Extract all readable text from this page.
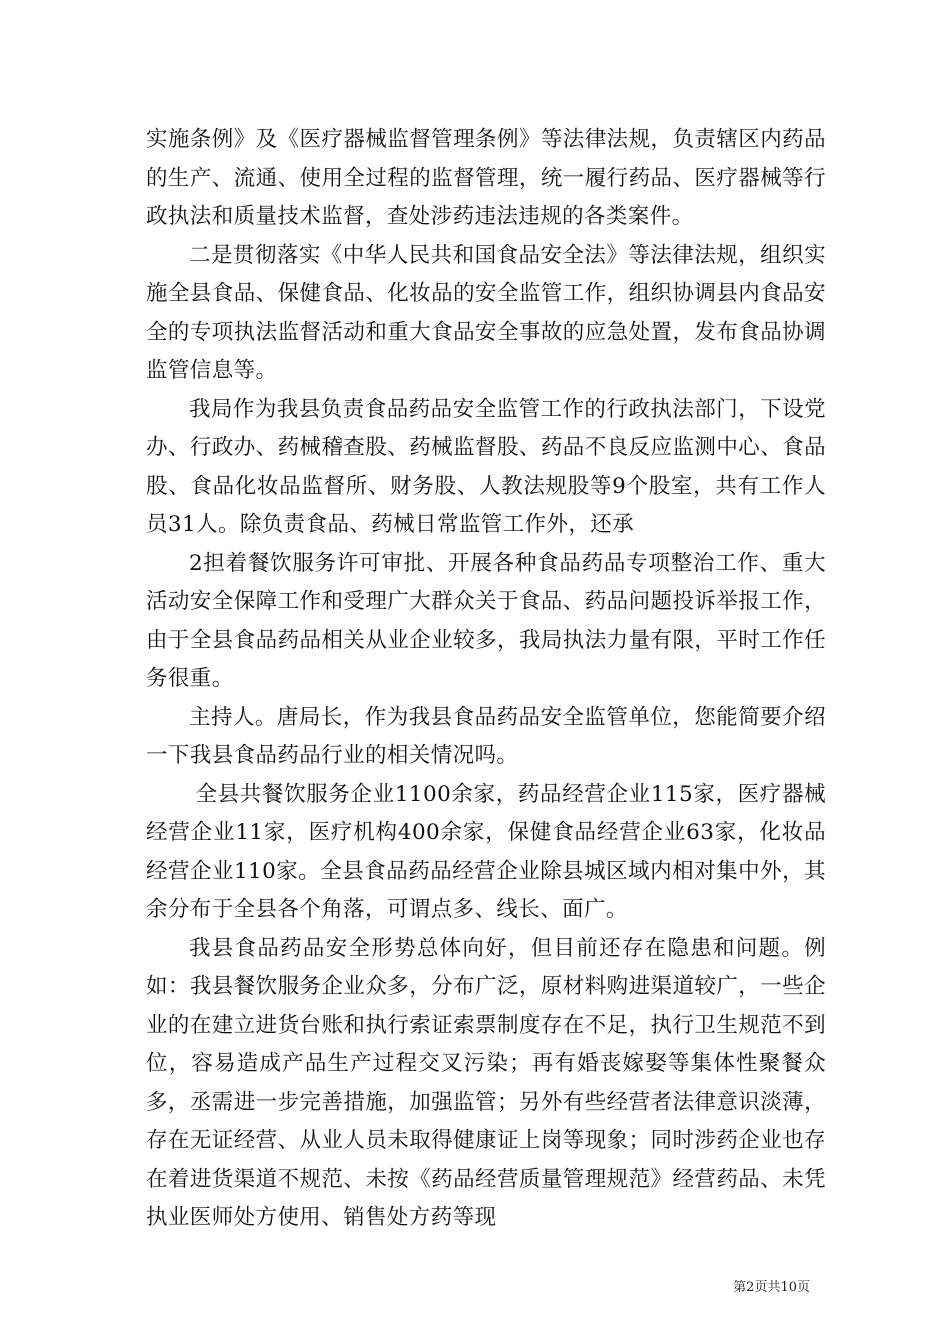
实施条例》及《医疗器械监督管理条例》等法律法规，负责辖区内药品的生产、流通、使用全过程的监督管理，统一履行药品、医疗器械等行政执法和质量技术监督，查处涉药违法违规的各类案件。

二是贯彻落实《中华人民共和国食品安全法》等法律法规，组织实施全县食品、保健食品、化妆品的安全监管工作，组织协调县内食品安全的专项执法监督活动和重大食品安全事故的应急处置，发布食品协调监管信息等。

我局作为我县负责食品药品安全监管工作的行政执法部门，下设党办、行政办、药械稽查股、药械监督股、药品不良反应监测中心、食品股、食品化妆品监督所、财务股、人教法规股等9个股室，共有工作人员31人。除负责食品、药械日常监管工作外，还承

2担着餐饮服务许可审批、开展各种食品药品专项整治工作、重大活动安全保障工作和受理广大群众关于食品、药品问题投诉举报工作，由于全县食品药品相关从业企业较多，我局执法力量有限，平时工作任务很重。

主持人。唐局长，作为我县食品药品安全监管单位，您能简要介绍一下我县食品药品行业的相关情况吗。

全县共餐饮服务企业1100余家，药品经营企业115家，医疗器械经营企业11家，医疗机构400余家，保健食品经营企业63家，化妆品经营企业110家。全县食品药品经营企业除县城区域内相对集中外，其余分布于全县各个角落，可谓点多、线长、面广。

我县食品药品安全形势总体向好，但目前还存在隐患和问题。例如：我县餐饮服务企业众多，分布广泛，原材料购进渠道较广，一些企业的在建立进货台账和执行索证索票制度存在不足，执行卫生规范不到位，容易造成产品生产过程交叉污染；再有婚丧嫁娶等集体性聚餐众多，丞需进一步完善措施，加强监管；另外有些经营者法律意识淡薄，存在无证经营、从业人员未取得健康证上岗等现象；同时涉药企业也存在着进货渠道不规范、未按《药品经营质量管理规范》经营药品、未凭执业医师处方使用、销售处方药等现

第2页共10页
